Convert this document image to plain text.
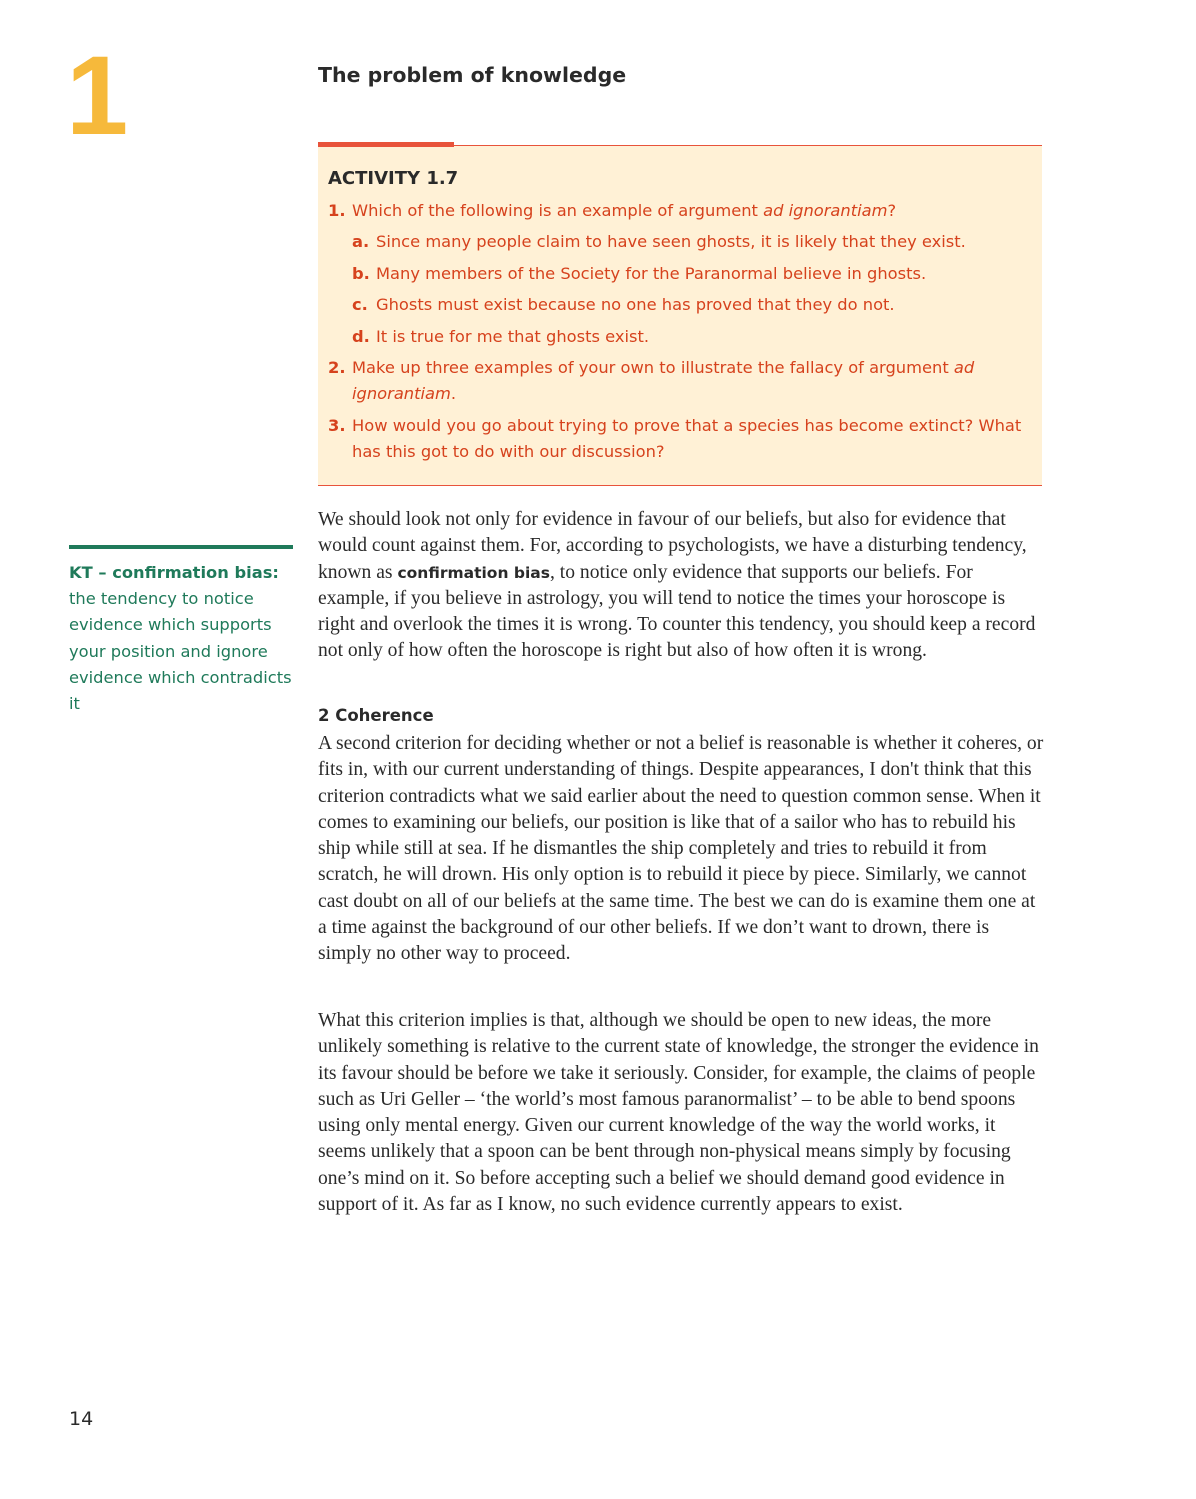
1	The problem of knowledge
ACTIVITY 1.7
1. Which of the following is an example of argument ad ignorantiam?
a. Since many people claim to have seen ghosts, it is likely that they exist.
b. Many members of the Society for the Paranormal believe in ghosts.
c. Ghosts must exist because no one has proved that they do not.
d. It is true for me that ghosts exist.
2. Make up three examples of your own to illustrate the fallacy of argument ad ignorantiam.
3. How would you go about trying to prove that a species has become extinct? What has this got to do with our discussion?
KT – confirmation bias:
the tendency to notice evidence which supports your position and ignore evidence which contradicts it

We should look not only for evidence in favour of our beliefs, but also for evidence that would count against them. For, according to psychologists, we have a disturbing tendency, known as confirmation bias, to notice only evidence that supports our beliefs. For example, if you believe in astrology, you will tend to notice the times your horoscope is right and overlook the times it is wrong. To counter this tendency, you should keep a record not only of how often the horoscope is right but also of how often it is wrong.

2 Coherence

A second criterion for deciding whether or not a belief is reasonable is whether it coheres, or fits in, with our current understanding of things. Despite appearances, I don't think that this criterion contradicts what we said earlier about the need to question common sense. When it comes to examining our beliefs, our position is like that of a sailor who has to rebuild his ship while still at sea. If he dismantles the ship completely and tries to rebuild it from scratch, he will drown. His only option is to rebuild it piece by piece. Similarly, we cannot cast doubt on all of our beliefs at the same time. The best we can do is examine them one at a time against the background of our other beliefs. If we don’t want to drown, there is simply no other way to proceed.

What this criterion implies is that, although we should be open to new ideas, the more unlikely something is relative to the current state of knowledge, the stronger the evidence in its favour should be before we take it seriously. Consider, for example, the claims of people such as Uri Geller – ‘the world’s most famous paranormalist’ – to be able to bend spoons using only mental energy. Given our current knowledge of the way the world works, it seems unlikely that a spoon can be bent through non-physical means simply by focusing one’s mind on it. So before accepting such a belief we should demand good evidence in support of it. As far as I know, no such evidence currently appears to exist.

14
